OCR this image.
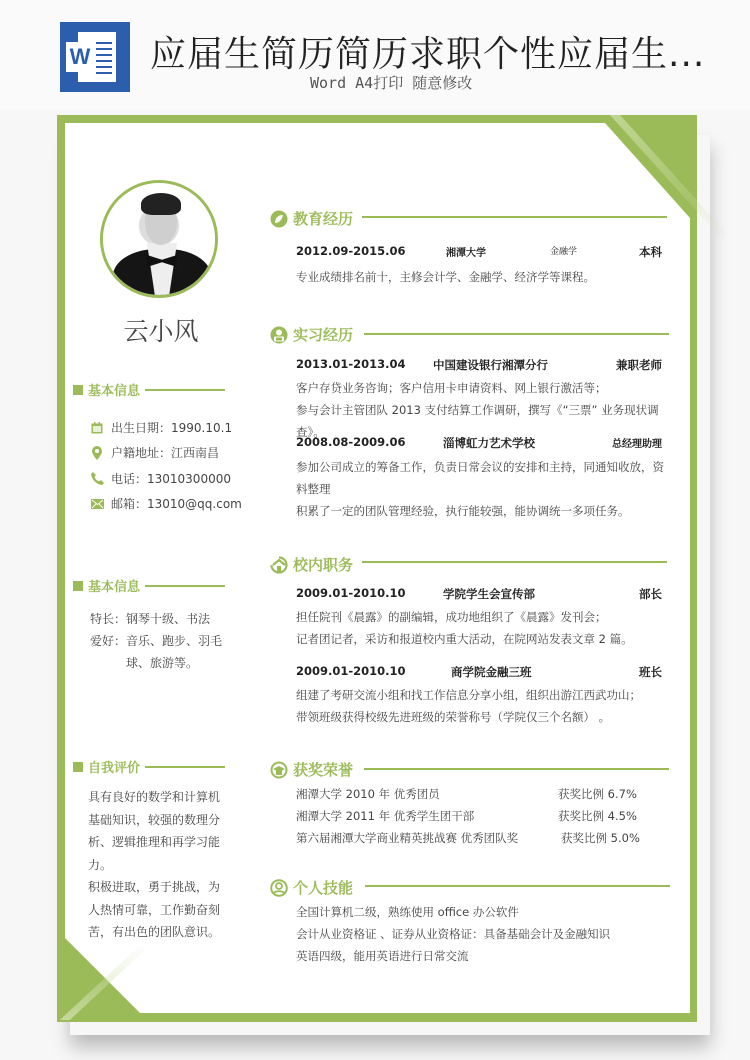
W 应届生简历简历求职个性应届生...
Word A4打印 随意修改
云小风
基本信息
出生日期：1990.10.1
户籍地址：江西南昌
电话：13010300000
邮箱：13010@qq.com
基本信息
特长：钢琴十级、书法
爱好：音乐、跑步、羽毛
球、旅游等。
自我评价
具有良好的数学和计算机基础知识，较强的数理分析、逻辑推理和再学习能力。
积极进取，勇于挑战，为人热情可靠，工作勤奋刻苦，有出色的团队意识。
教育经历
2012.09-2015.06	湘潭大学	金融学	本科
专业成绩排名前十，主修会计学、金融学、经济学等课程。
实习经历
2013.01-2013.04 中国建设银行湘潭分行	兼职老师
客户存贷业务咨询；客户信用卡申请资料、网上银行激活等；
参与会计主管团队 2013 支付结算工作调研，撰写《“三票” 业务现状调查》。
2008.08-2009.06	淄博虹力艺术学校	总经理助理
参加公司成立的筹备工作，负责日常会议的安排和主持，同通知收放，资料整理
积累了一定的团队管理经验，执行能较强，能协调统一多项任务。
校内职务
2009.01-2010.10	学院学生会宣传部	部长
担任院刊《晨露》的副编辑，成功地组织了《晨露》发刊会；
记者团记者，采访和报道校内重大活动，在院网站发表文章 2 篇。
2009.01-2010.10	商学院金融三班	班长
组建了考研交流小组和找工作信息分享小组，组织出游江西武功山；
带领班级获得校级先进班级的荣誉称号（学院仅三个名额） 。
获奖荣誉
湘潭大学 2010 年 优秀团员	获奖比例 6.7%
湘潭大学 2011 年 优秀学生团干部	获奖比例 4.5%
第六届湘潭大学商业精英挑战赛 优秀团队奖	获奖比例 5.0%
个人技能
全国计算机二级，熟练使用 office 办公软件
会计从业资格证 、证券从业资格证：具备基础会计及金融知识
英语四级，能用英语进行日常交流
